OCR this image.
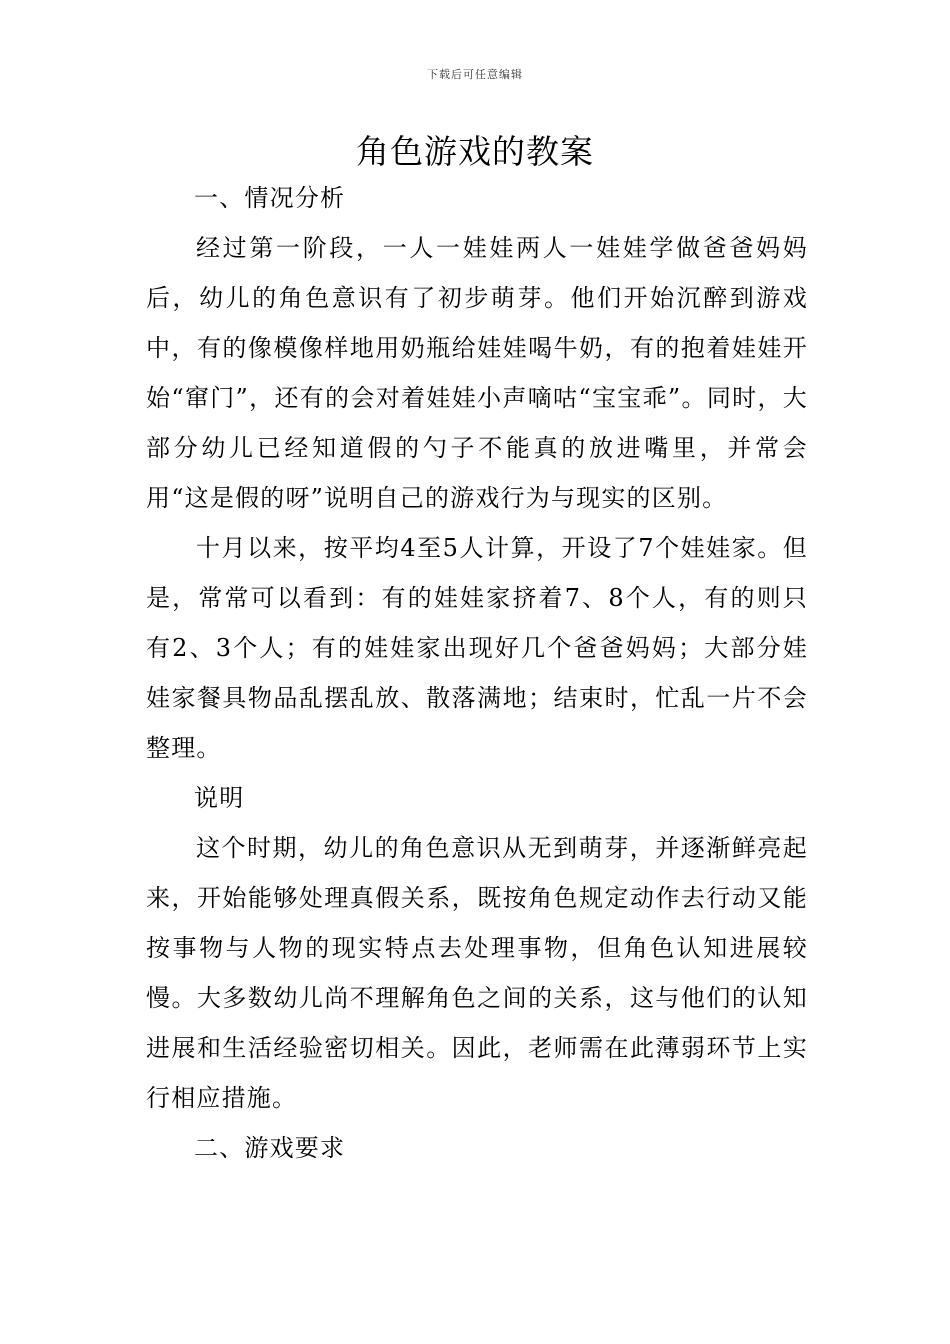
下载后可任意编辑
角色游戏的教案

一、情况分析

经过第一阶段，一人一娃娃两人一娃娃学做爸爸妈妈后，幼儿的角色意识有了初步萌芽。他们开始沉醉到游戏中，有的像模像样地用奶瓶给娃娃喝牛奶，有的抱着娃娃开始“窜门”，还有的会对着娃娃小声嘀咕“宝宝乖”。同时，大部分幼儿已经知道假的勺子不能真的放进嘴里，并常会用“这是假的呀”说明自己的游戏行为与现实的区别。

十月以来，按平均4至5人计算，开设了7个娃娃家。但是，常常可以看到：有的娃娃家挤着7、8个人，有的则只有2、3个人；有的娃娃家出现好几个爸爸妈妈；大部分娃娃家餐具物品乱摆乱放、散落满地；结束时，忙乱一片不会整理。

说明

这个时期，幼儿的角色意识从无到萌芽，并逐渐鲜亮起来，开始能够处理真假关系，既按角色规定动作去行动又能按事物与人物的现实特点去处理事物，但角色认知进展较慢。大多数幼儿尚不理解角色之间的关系，这与他们的认知进展和生活经验密切相关。因此，老师需在此薄弱环节上实行相应措施。

二、游戏要求
